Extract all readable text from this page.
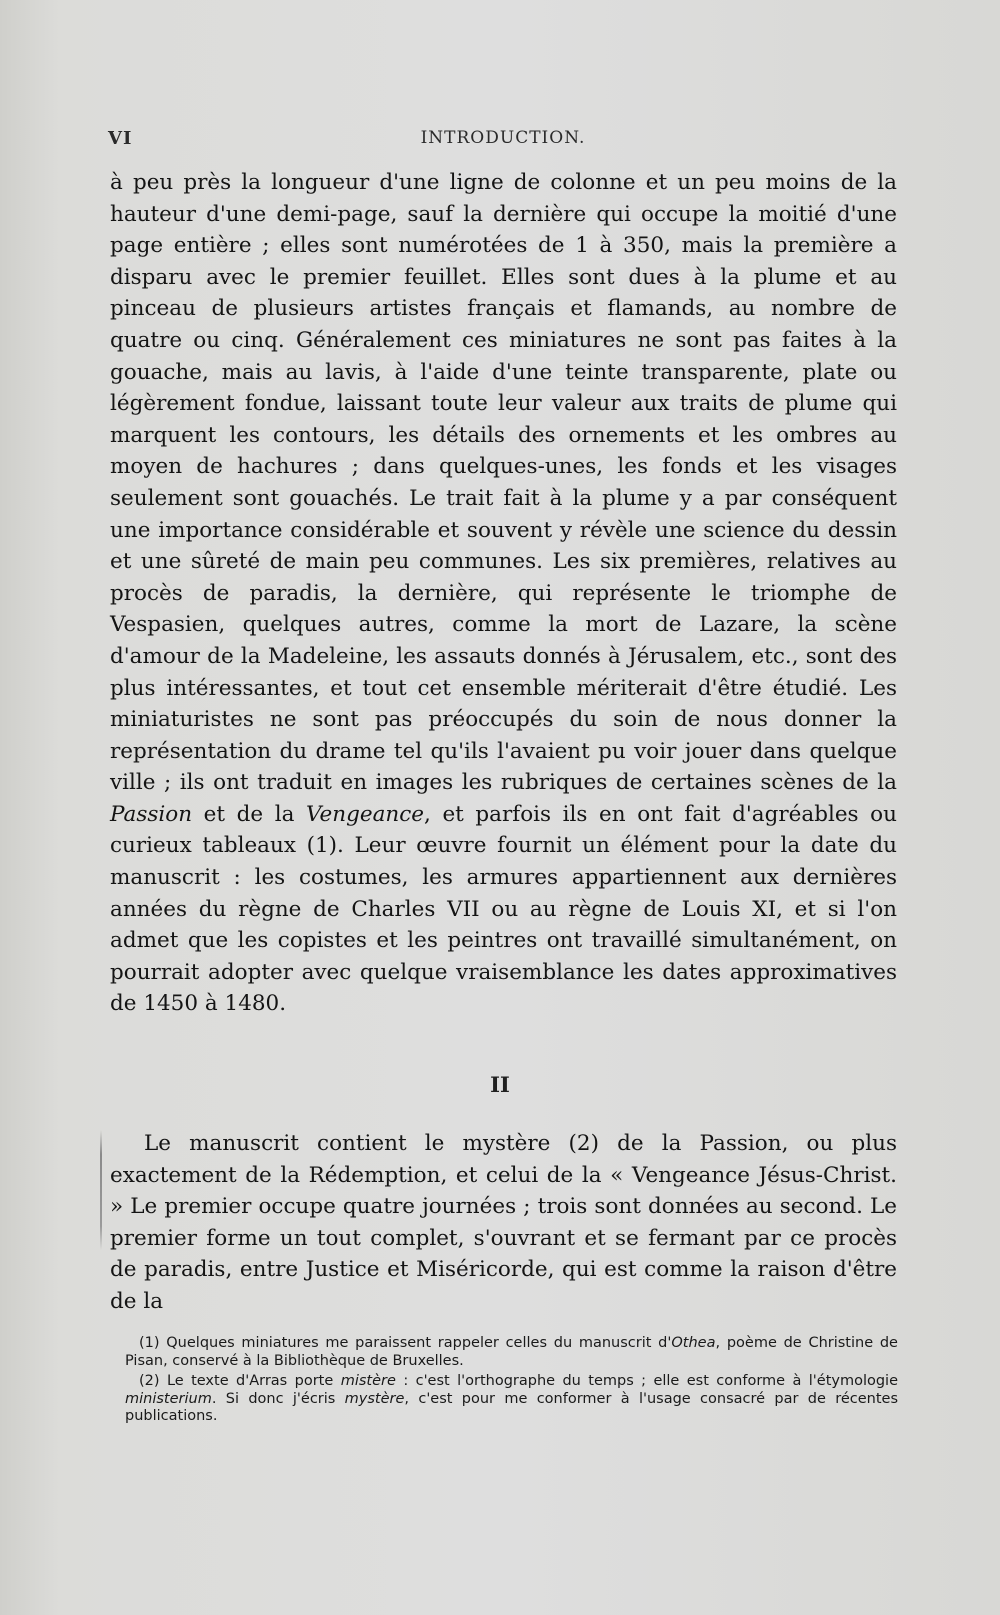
VI	INTRODUCTION.

à peu près la longueur d'une ligne de colonne et un peu moins de la hauteur d'une demi-page, sauf la dernière qui occupe la moitié d'une page entière ; elles sont numérotées de 1 à 350, mais la première a disparu avec le premier feuillet. Elles sont dues à la plume et au pinceau de plusieurs artistes français et flamands, au nombre de quatre ou cinq. Généralement ces miniatures ne sont pas faites à la gouache, mais au lavis, à l'aide d'une teinte transparente, plate ou légèrement fondue, laissant toute leur valeur aux traits de plume qui marquent les contours, les détails des ornements et les ombres au moyen de hachures ; dans quelques-unes, les fonds et les visages seulement sont gouachés. Le trait fait à la plume y a par conséquent une importance considérable et souvent y révèle une science du dessin et une sûreté de main peu communes. Les six premières, relatives au procès de paradis, la dernière, qui représente le triomphe de Vespasien, quelques autres, comme la mort de Lazare, la scène d'amour de la Madeleine, les assauts donnés à Jérusalem, etc., sont des plus intéressantes, et tout cet ensemble mériterait d'être étudié. Les miniaturistes ne sont pas préoccupés du soin de nous donner la représentation du drame tel qu'ils l'avaient pu voir jouer dans quelque ville ; ils ont traduit en images les rubriques de certaines scènes de la Passion et de la Vengeance, et parfois ils en ont fait d'agréables ou curieux tableaux (1). Leur œuvre fournit un élément pour la date du manuscrit : les costumes, les armures appartiennent aux dernières années du règne de Charles VII ou au règne de Louis XI, et si l'on admet que les copistes et les peintres ont travaillé simultanément, on pourrait adopter avec quelque vraisemblance les dates approximatives de 1450 à 1480.

II

Le manuscrit contient le mystère (2) de la Passion, ou plus exactement de la Rédemption, et celui de la « Vengeance Jésus-Christ. » Le premier occupe quatre journées ; trois sont données au second. Le premier forme un tout complet, s'ouvrant et se fermant par ce procès de paradis, entre Justice et Miséricorde, qui est comme la raison d'être de la

(1) Quelques miniatures me paraissent rappeler celles du manuscrit d'Othea, poème de Christine de Pisan, conservé à la Bibliothèque de Bruxelles.

(2) Le texte d'Arras porte mistère : c'est l'orthographe du temps ; elle est conforme à l'étymologie ministerium. Si donc j'écris mystère, c'est pour me conformer à l'usage consacré par de récentes publications.
